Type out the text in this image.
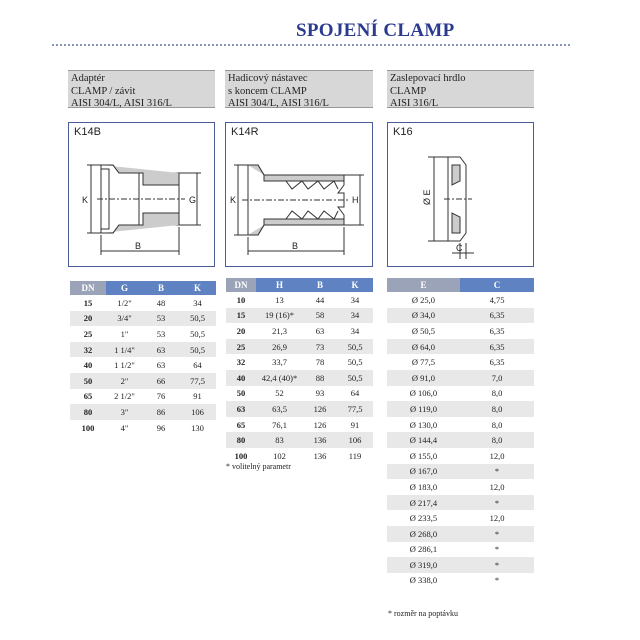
SPOJENÍ CLAMP
Adaptér
CLAMP / závit
AISI 304/L, AISI 316/L
K14B
K	G
B
DN	G	B	K
15	1/2"	48	34
20	3/4"	53	50,5
25	1"	53	50,5
32	1 1/4"	63	50,5
40	1 1/2"	63	64
50	2"	66	77,5
65	2 1/2"	76	91
80	3"	86	106
100	4"	96	130
Hadicový nástavec
s koncem CLAMP
AISI 304/L, AISI 316/L
K14R
K	H
B
DN	H	B	K
10	13	44	34
15	19 (16)*	58	34
20	21,3	63	34
25	26,9	73	50,5
32	33,7	78	50,5
40	42,4 (40)*	88	50,5
50	52	93	64
63	63,5	126	77,5
65	76,1	126	91
80	83	136	106
100	102	136	119
* volitelný parametr
Zaslepovací hrdlo
CLAMP
AISI 316/L
K16
Ø E
C
E	C
Ø 25,0	4,75
Ø 34,0	6,35
Ø 50,5	6,35
Ø 64,0	6,35
Ø 77,5	6,35
Ø 91,0	7,0
Ø 106,0	8,0
Ø 119,0	8,0
Ø 130,0	8,0
Ø 144,4	8,0
Ø 155,0	12,0
Ø 167,0	*
Ø 183,0	12,0
Ø 217,4	*
Ø 233,5	12,0
Ø 268,0	*
Ø 286,1	*
Ø 319,0	*
Ø 338,0	*
* rozměr na poptávku
